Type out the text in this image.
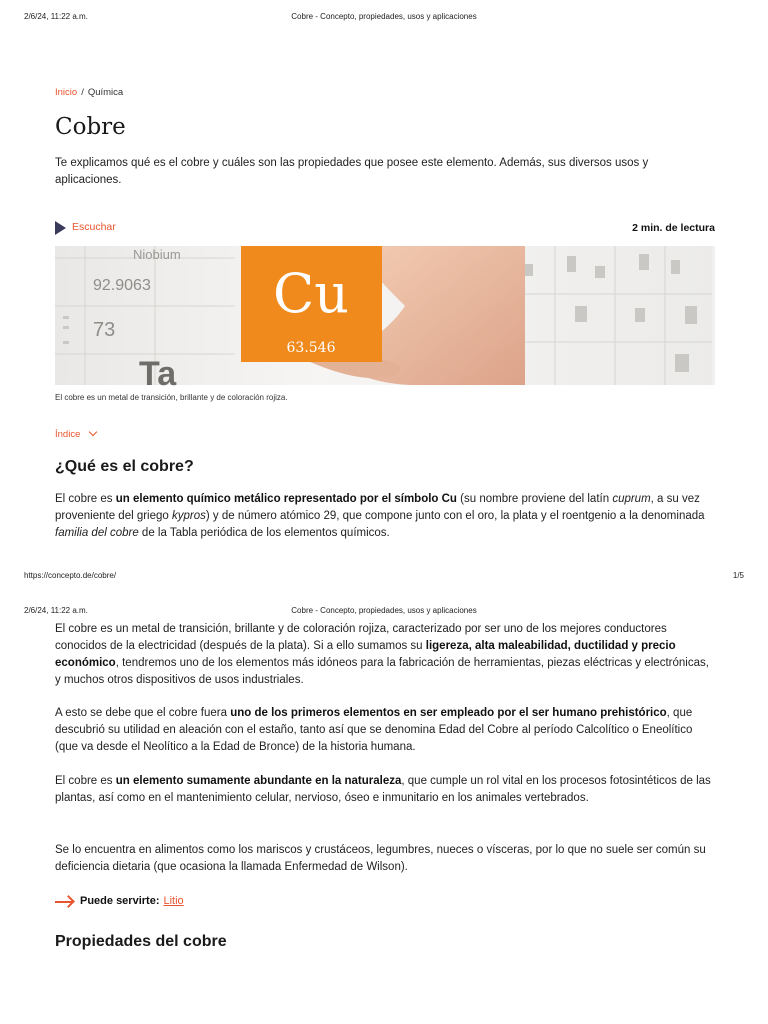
2/6/24, 11:22 a.m.	Cobre - Concepto, propiedades, usos y aplicaciones
Inicio / Química
Cobre
Te explicamos qué es el cobre y cuáles son las propiedades que posee este elemento. Además, sus diversos usos y aplicaciones.
Escuchar	2 min. de lectura
Niobium
92.9063
73
Ta
29
Cu
63.546
El cobre es un metal de transición, brillante y de coloración rojiza.
Índice
¿Qué es el cobre?
El cobre es un elemento químico metálico representado por el símbolo Cu (su nombre proviene del latín cuprum, a su vez proveniente del griego kypros) y de número atómico 29, que compone junto con el oro, la plata y el roentgenio a la denominada familia del cobre de la Tabla periódica de los elementos químicos.
https://concepto.de/cobre/	1/5
2/6/24, 11:22 a.m.	Cobre - Concepto, propiedades, usos y aplicaciones
El cobre es un metal de transición, brillante y de coloración rojiza, caracterizado por ser uno de los mejores conductores conocidos de la electricidad (después de la plata). Si a ello sumamos su ligereza, alta maleabilidad, ductilidad y precio económico, tendremos uno de los elementos más idóneos para la fabricación de herramientas, piezas eléctricas y electrónicas, y muchos otros dispositivos de usos industriales.
A esto se debe que el cobre fuera uno de los primeros elementos en ser empleado por el ser humano prehistórico, que descubrió su utilidad en aleación con el estaño, tanto así que se denomina Edad del Cobre al período Calcolítico o Eneolítico (que va desde el Neolítico a la Edad de Bronce) de la historia humana.
El cobre es un elemento sumamente abundante en la naturaleza, que cumple un rol vital en los procesos fotosintéticos de las plantas, así como en el mantenimiento celular, nervioso, óseo e inmunitario en los animales vertebrados.
Se lo encuentra en alimentos como los mariscos y crustáceos, legumbres, nueces o vísceras, por lo que no suele ser común su deficiencia dietaria (que ocasiona la llamada Enfermedad de Wilson).
Puede servirte: Litio
Propiedades del cobre
